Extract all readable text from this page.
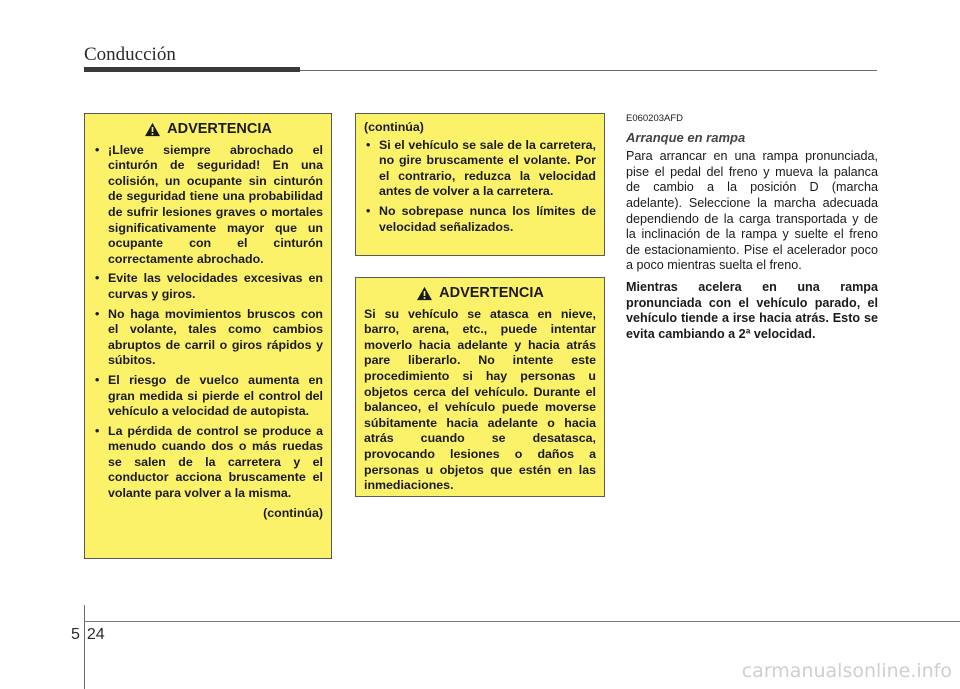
Conducción
ADVERTENCIA
• ¡Lleve siempre abrochado el cinturón de seguridad! En una colisión, un ocupante sin cinturón de seguridad tiene una probabilidad de sufrir lesiones graves o mortales significativamente mayor que un ocupante con el cinturón correctamente abrochado.
• Evite las velocidades excesivas en curvas y giros.
• No haga movimientos bruscos con el volante, tales como cambios abruptos de carril o giros rápidos y súbitos.
• El riesgo de vuelco aumenta en gran medida si pierde el control del vehículo a velocidad de autopista.
• La pérdida de control se produce a menudo cuando dos o más ruedas se salen de la carretera y el conductor acciona bruscamente el volante para volver a la misma.
(continúa)
(continúa)
• Si el vehículo se sale de la carretera, no gire bruscamente el volante. Por el contrario, reduzca la velocidad antes de volver a la carretera.
• No sobrepase nunca los límites de velocidad señalizados.
ADVERTENCIA
Si su vehículo se atasca en nieve, barro, arena, etc., puede intentar moverlo hacia adelante y hacia atrás pare liberarlo. No intente este procedimiento si hay personas u objetos cerca del vehículo. Durante el balanceo, el vehículo puede moverse súbitamente hacia adelante o hacia atrás cuando se desatasca, provocando lesiones o daños a personas u objetos que estén en las inmediaciones.
E060203AFD
Arranque en rampa

Para arrancar en una rampa pronunciada, pise el pedal del freno y mueva la palanca de cambio a la posición D (marcha adelante). Seleccione la marcha adecuada dependiendo de la carga transportada y de la inclinación de la rampa y suelte el freno de estacionamiento. Pise el acelerador poco a poco mientras suelta el freno.

Mientras acelera en una rampa pronunciada con el vehículo parado, el vehículo tiende a irse hacia atrás. Esto se evita cambiando a 2ª velocidad.

5 24
carmanualsonline.info
